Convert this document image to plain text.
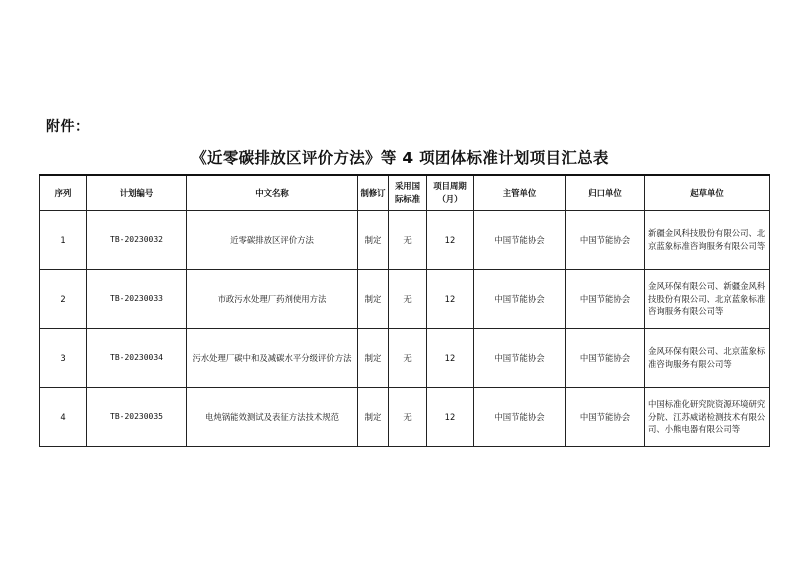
附件：
《近零碳排放区评价方法》等 4 项团体标准计划项目汇总表
序列	计划编号	中文名称	制修订	采用国际标准	项目周期（月）	主管单位	归口单位	起草单位
1	TB-20230032	近零碳排放区评价方法	制定	无	12	中国节能协会	中国节能协会	新疆金风科技股份有限公司、北京蓝象标准咨询服务有限公司等
2	TB-20230033	市政污水处理厂药剂使用方法	制定	无	12	中国节能协会	中国节能协会	金风环保有限公司、新疆金风科技股份有限公司、北京蓝象标准咨询服务有限公司等
3	TB-20230034	污水处理厂碳中和及减碳水平分级评价方法	制定	无	12	中国节能协会	中国节能协会	金风环保有限公司、北京蓝象标准咨询服务有限公司等
4	TB-20230035	电炖锅能效测试及表征方法技术规范	制定	无	12	中国节能协会	中国节能协会	中国标准化研究院资源环境研究分院、江苏威诺检测技术有限公司、小熊电器有限公司等
